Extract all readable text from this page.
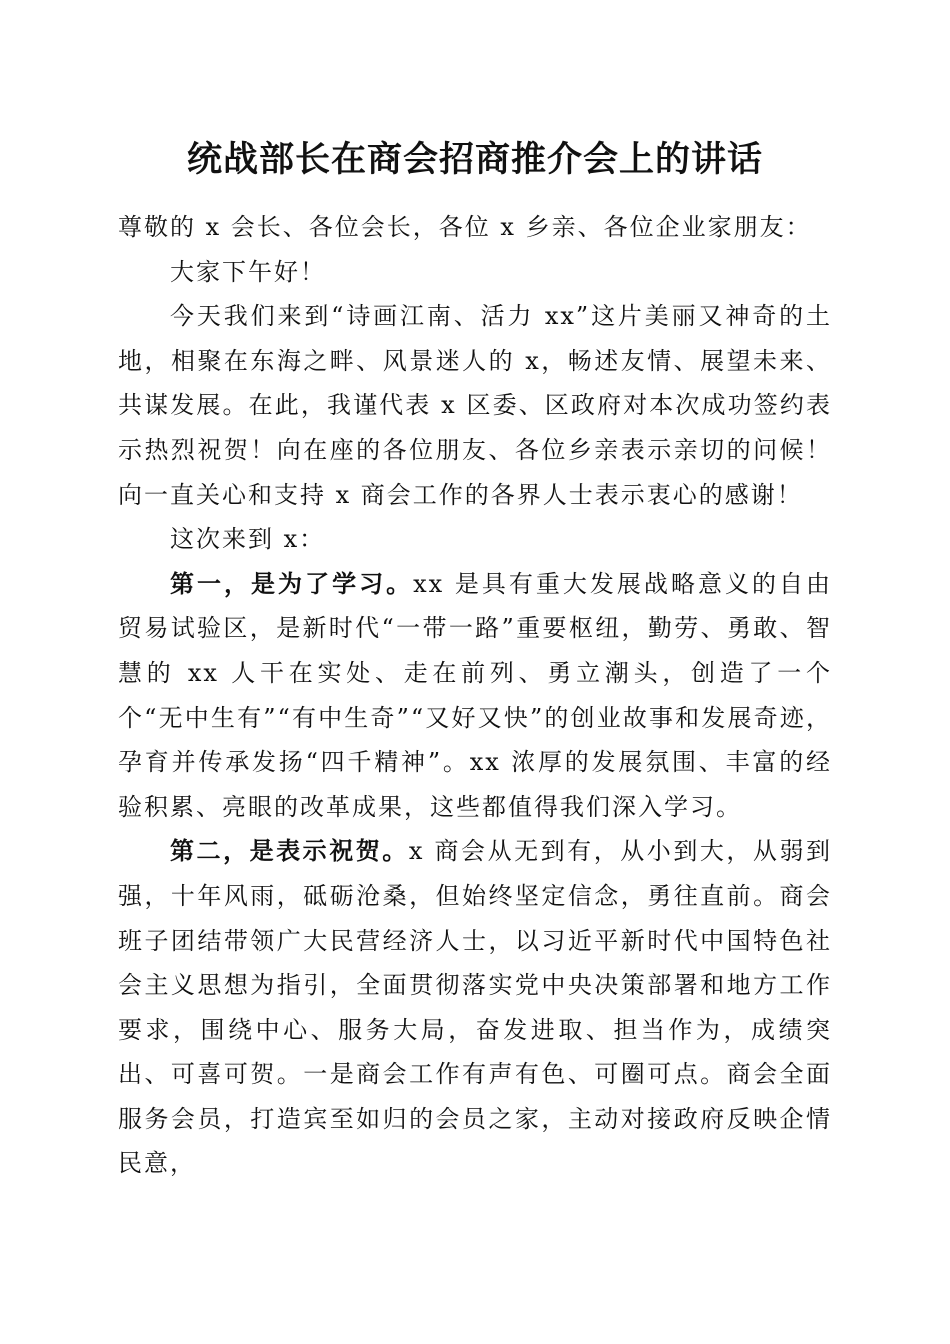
统战部长在商会招商推介会上的讲话

尊敬的 x 会长、各位会长，各位 x 乡亲、各位企业家朋友：

大家下午好！

今天我们来到“诗画江南、活力 xx”这片美丽又神奇的土地，相聚在东海之畔、风景迷人的 x，畅述友情、展望未来、共谋发展。在此，我谨代表 x 区委、区政府对本次成功签约表示热烈祝贺！向在座的各位朋友、各位乡亲表示亲切的问候！向一直关心和支持 x 商会工作的各界人士表示衷心的感谢！

这次来到 x：

第一，是为了学习。xx 是具有重大发展战略意义的自由贸易试验区，是新时代“一带一路”重要枢纽，勤劳、勇敢、智慧的 xx 人干在实处、走在前列、勇立潮头，创造了一个个“无中生有”“有中生奇”“又好又快”的创业故事和发展奇迹，孕育并传承发扬“四千精神”。xx 浓厚的发展氛围、丰富的经验积累、亮眼的改革成果，这些都值得我们深入学习。

第二，是表示祝贺。x 商会从无到有，从小到大，从弱到强，十年风雨，砥砺沧桑，但始终坚定信念，勇往直前。商会班子团结带领广大民营经济人士，以习近平新时代中国特色社会主义思想为指引，全面贯彻落实党中央决策部署和地方工作要求，围绕中心、服务大局，奋发进取、担当作为，成绩突出、可喜可贺。一是商会工作有声有色、可圈可点。商会全面服务会员，打造宾至如归的会员之家，主动对接政府反映企情民意，
